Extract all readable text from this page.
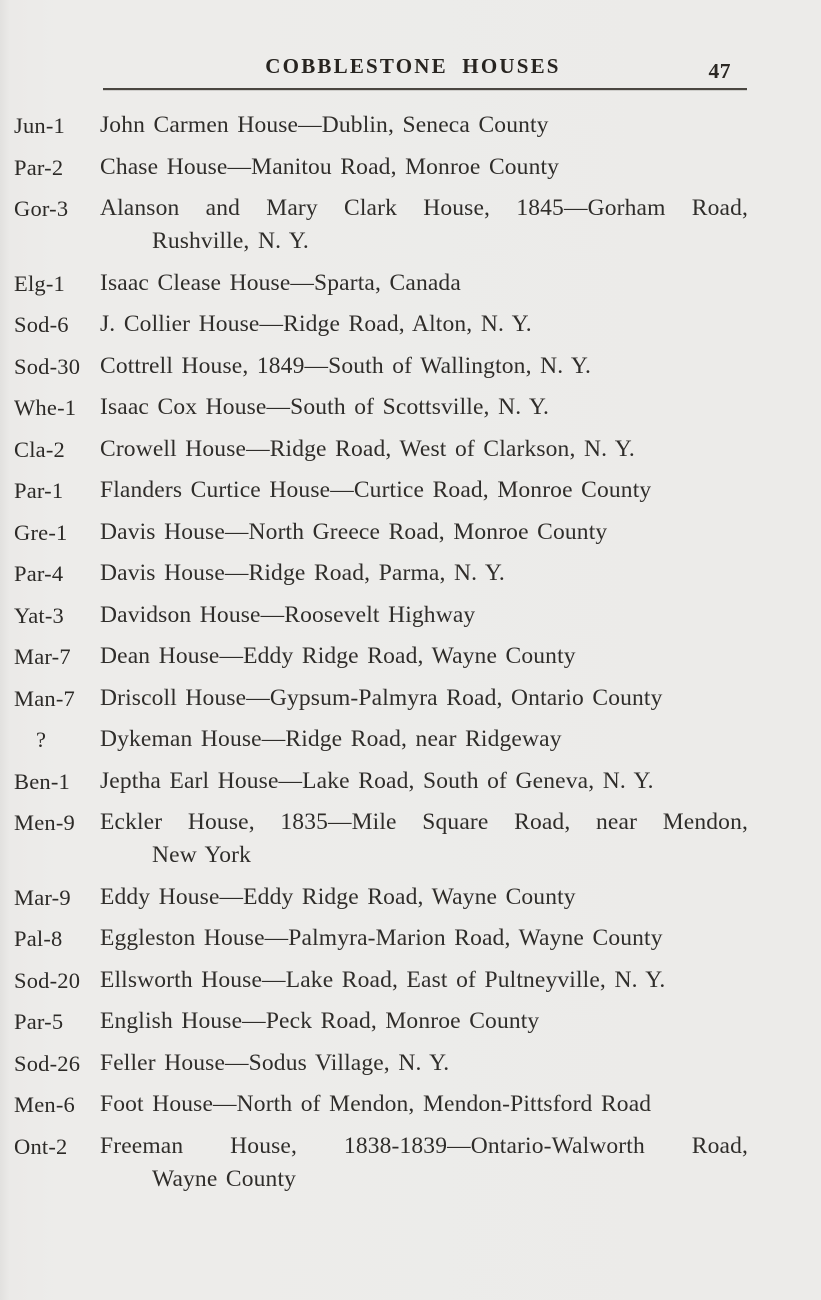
COBBLESTONE HOUSES	47
Jun-1	John Carmen House—Dublin, Seneca County
Par-2	Chase House—Manitou Road, Monroe County
Gor-3	Alanson and Mary Clark House, 1845—Gorham Road,
Rushville, N. Y.
Elg-1	Isaac Clease House—Sparta, Canada
Sod-6	J. Collier House—Ridge Road, Alton, N. Y.
Sod-30 Cottrell House, 1849—South of Wallington, N. Y.
Whe-1	Isaac Cox House—South of Scottsville, N. Y.
Cla-2	Crowell House—Ridge Road, West of Clarkson, N. Y.
Par-1	Flanders Curtice House—Curtice Road, Monroe County
Gre-1	Davis House—North Greece Road, Monroe County
Par-4	Davis House—Ridge Road, Parma, N. Y.
Yat-3	Davidson House—Roosevelt Highway
Mar-7	Dean House—Eddy Ridge Road, Wayne County
Man-7	Driscoll House—Gypsum-Palmyra Road, Ontario County
?	Dykeman House—Ridge Road, near Ridgeway
Ben-1	Jeptha Earl House—Lake Road, South of Geneva, N. Y.
Men-9	Eckler House, 1835—Mile Square Road, near Mendon,
New York
Mar-9	Eddy House—Eddy Ridge Road, Wayne County
Pal-8	Eggleston House—Palmyra-Marion Road, Wayne County
Sod-20 Ellsworth House—Lake Road, East of Pultneyville, N. Y.
Par-5	English House—Peck Road, Monroe County
Sod-26 Feller House—Sodus Village, N. Y.
Men-6	Foot House—North of Mendon, Mendon-Pittsford Road
Ont-2	Freeman House, 1838-1839—Ontario-Walworth Road,
Wayne County
